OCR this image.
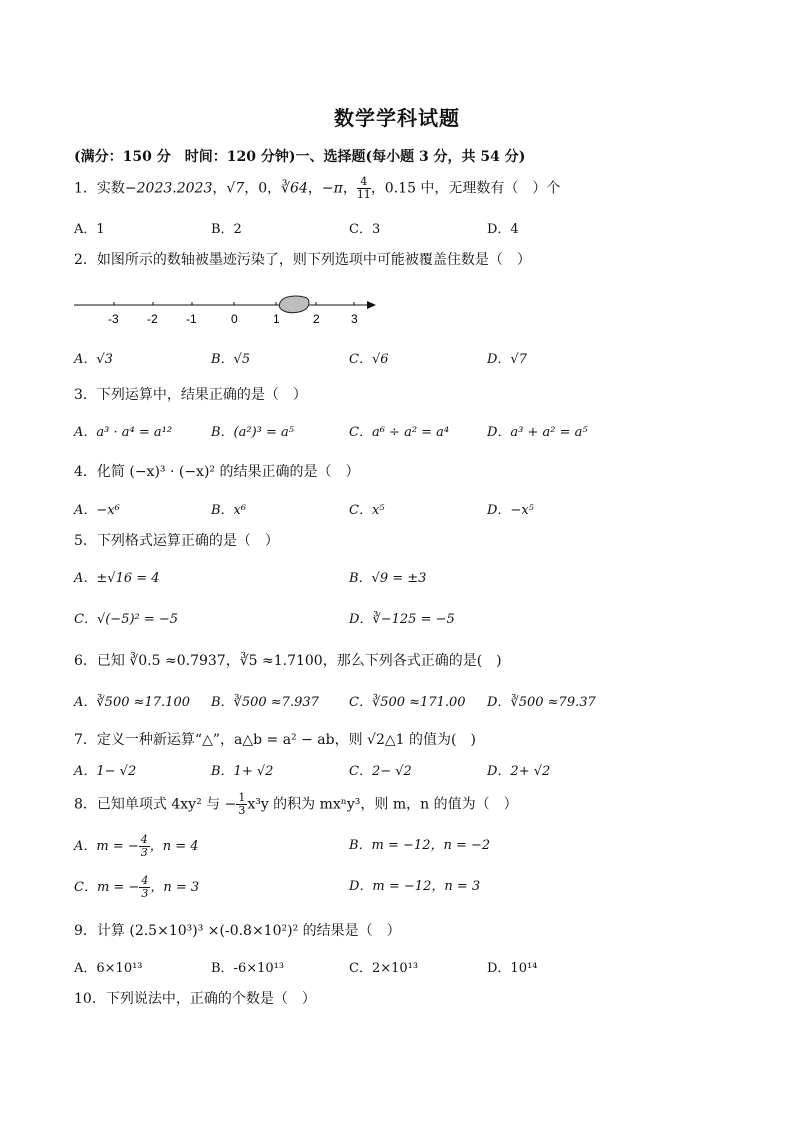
数学学科试题
(满分：150 分　时间：120 分钟)一、选择题(每小题 3 分，共 54 分)
1．实数−2023.2023，√7，0，∛64，−π， $\frac{4}{11}$ ，0.15 中，无理数有（　）个
A．1	B．2	C．3	D．4
2．如图所示的数轴被墨迹污染了，则下列选项中可能被覆盖住数是（　）
-3 -2 -1	0	1	2	3
A．√3	B．√5	C．√6	D．√7
3．下列运算中，结果正确的是（　）
A．a³ · a⁴ = a¹²	B．(a²)³ = a⁵	C．a⁶ ÷ a² = a⁴	D．a³ + a² = a⁵
4．化简 (−x)³ · (−x)² 的结果正确的是（　）
A．−x⁶	B．x⁶	C．x⁵	D．−x⁵
5．下列格式运算正确的是（　）
A．±√16 = 4	B．√9 = ±3
C．√(−5)² = −5	D．∛−125 = −5
6．已知 ∛0.5 ≈0.7937，∛5 ≈1.7100，那么下列各式正确的是(　)
A．∛500 ≈17.100 B．∛500 ≈7.937 C．∛500 ≈171.00 D．∛500 ≈79.37
7．定义一种新运算“△”，a△b = a² − ab，则 √2△1 的值为(　)
A．1− √2	B．1+ √2	C．2− √2	D．2+ √2
8．已知单项式 4xy² 与 − $\frac{1}{3} x^3y$ 的积为 mxⁿy³，则 m，n 的值为（　）
A．m = − $\frac{4}{3}$ ，n = 4	B．m = −12，n = −2
C．m = − $\frac{4}{3}$ ，n = 3	D．m = −12，n = 3
9．计算 (2.5×10³)³ ×(-0.8×10²)² 的结果是（　）
A．6×10¹³	B．-6×10¹³	C．2×10¹³	D．10¹⁴
10．下列说法中，正确的个数是（　）
